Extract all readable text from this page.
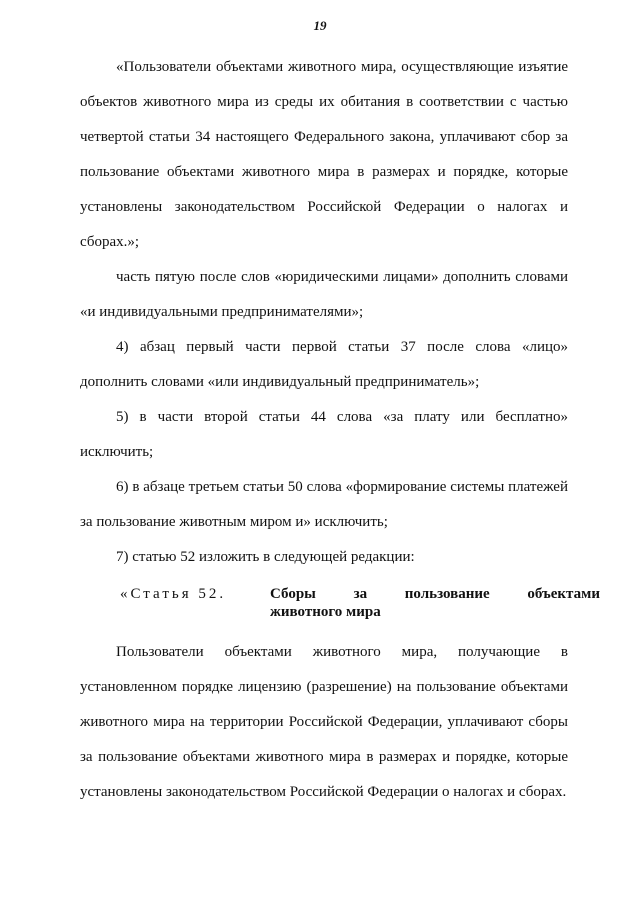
19

«Пользователи объектами животного мира, осуществляющие изъятие объектов животного мира из среды их обитания в соответствии с частью четвертой статьи 34 настоящего Федерального закона, уплачивают сбор за пользование объектами животного мира в размерах и порядке, которые установлены законодательством Российской Федерации о налогах и сборах.»;

часть пятую после слов «юридическими лицами» дополнить словами «и индивидуальными предпринимателями»;

4) абзац первый части первой статьи 37 после слова «лицо» дополнить словами «или индивидуальный предприниматель»;

5) в части второй статьи 44 слова «за плату или бесплатно» исключить;

6) в абзаце третьем статьи 50 слова «формирование системы платежей за пользование животным миром и» исключить;

7) статью 52 изложить в следующей редакции:

«Статья 52.	Сборы	за	пользование	объектами
животного мира

Пользователи объектами животного мира, получающие в установленном порядке лицензию (разрешение) на пользование объектами животного мира на территории Российской Федерации, уплачивают сборы за пользование объектами животного мира в размерах и порядке, которые установлены законодательством Российской Федерации о налогах и сборах.
